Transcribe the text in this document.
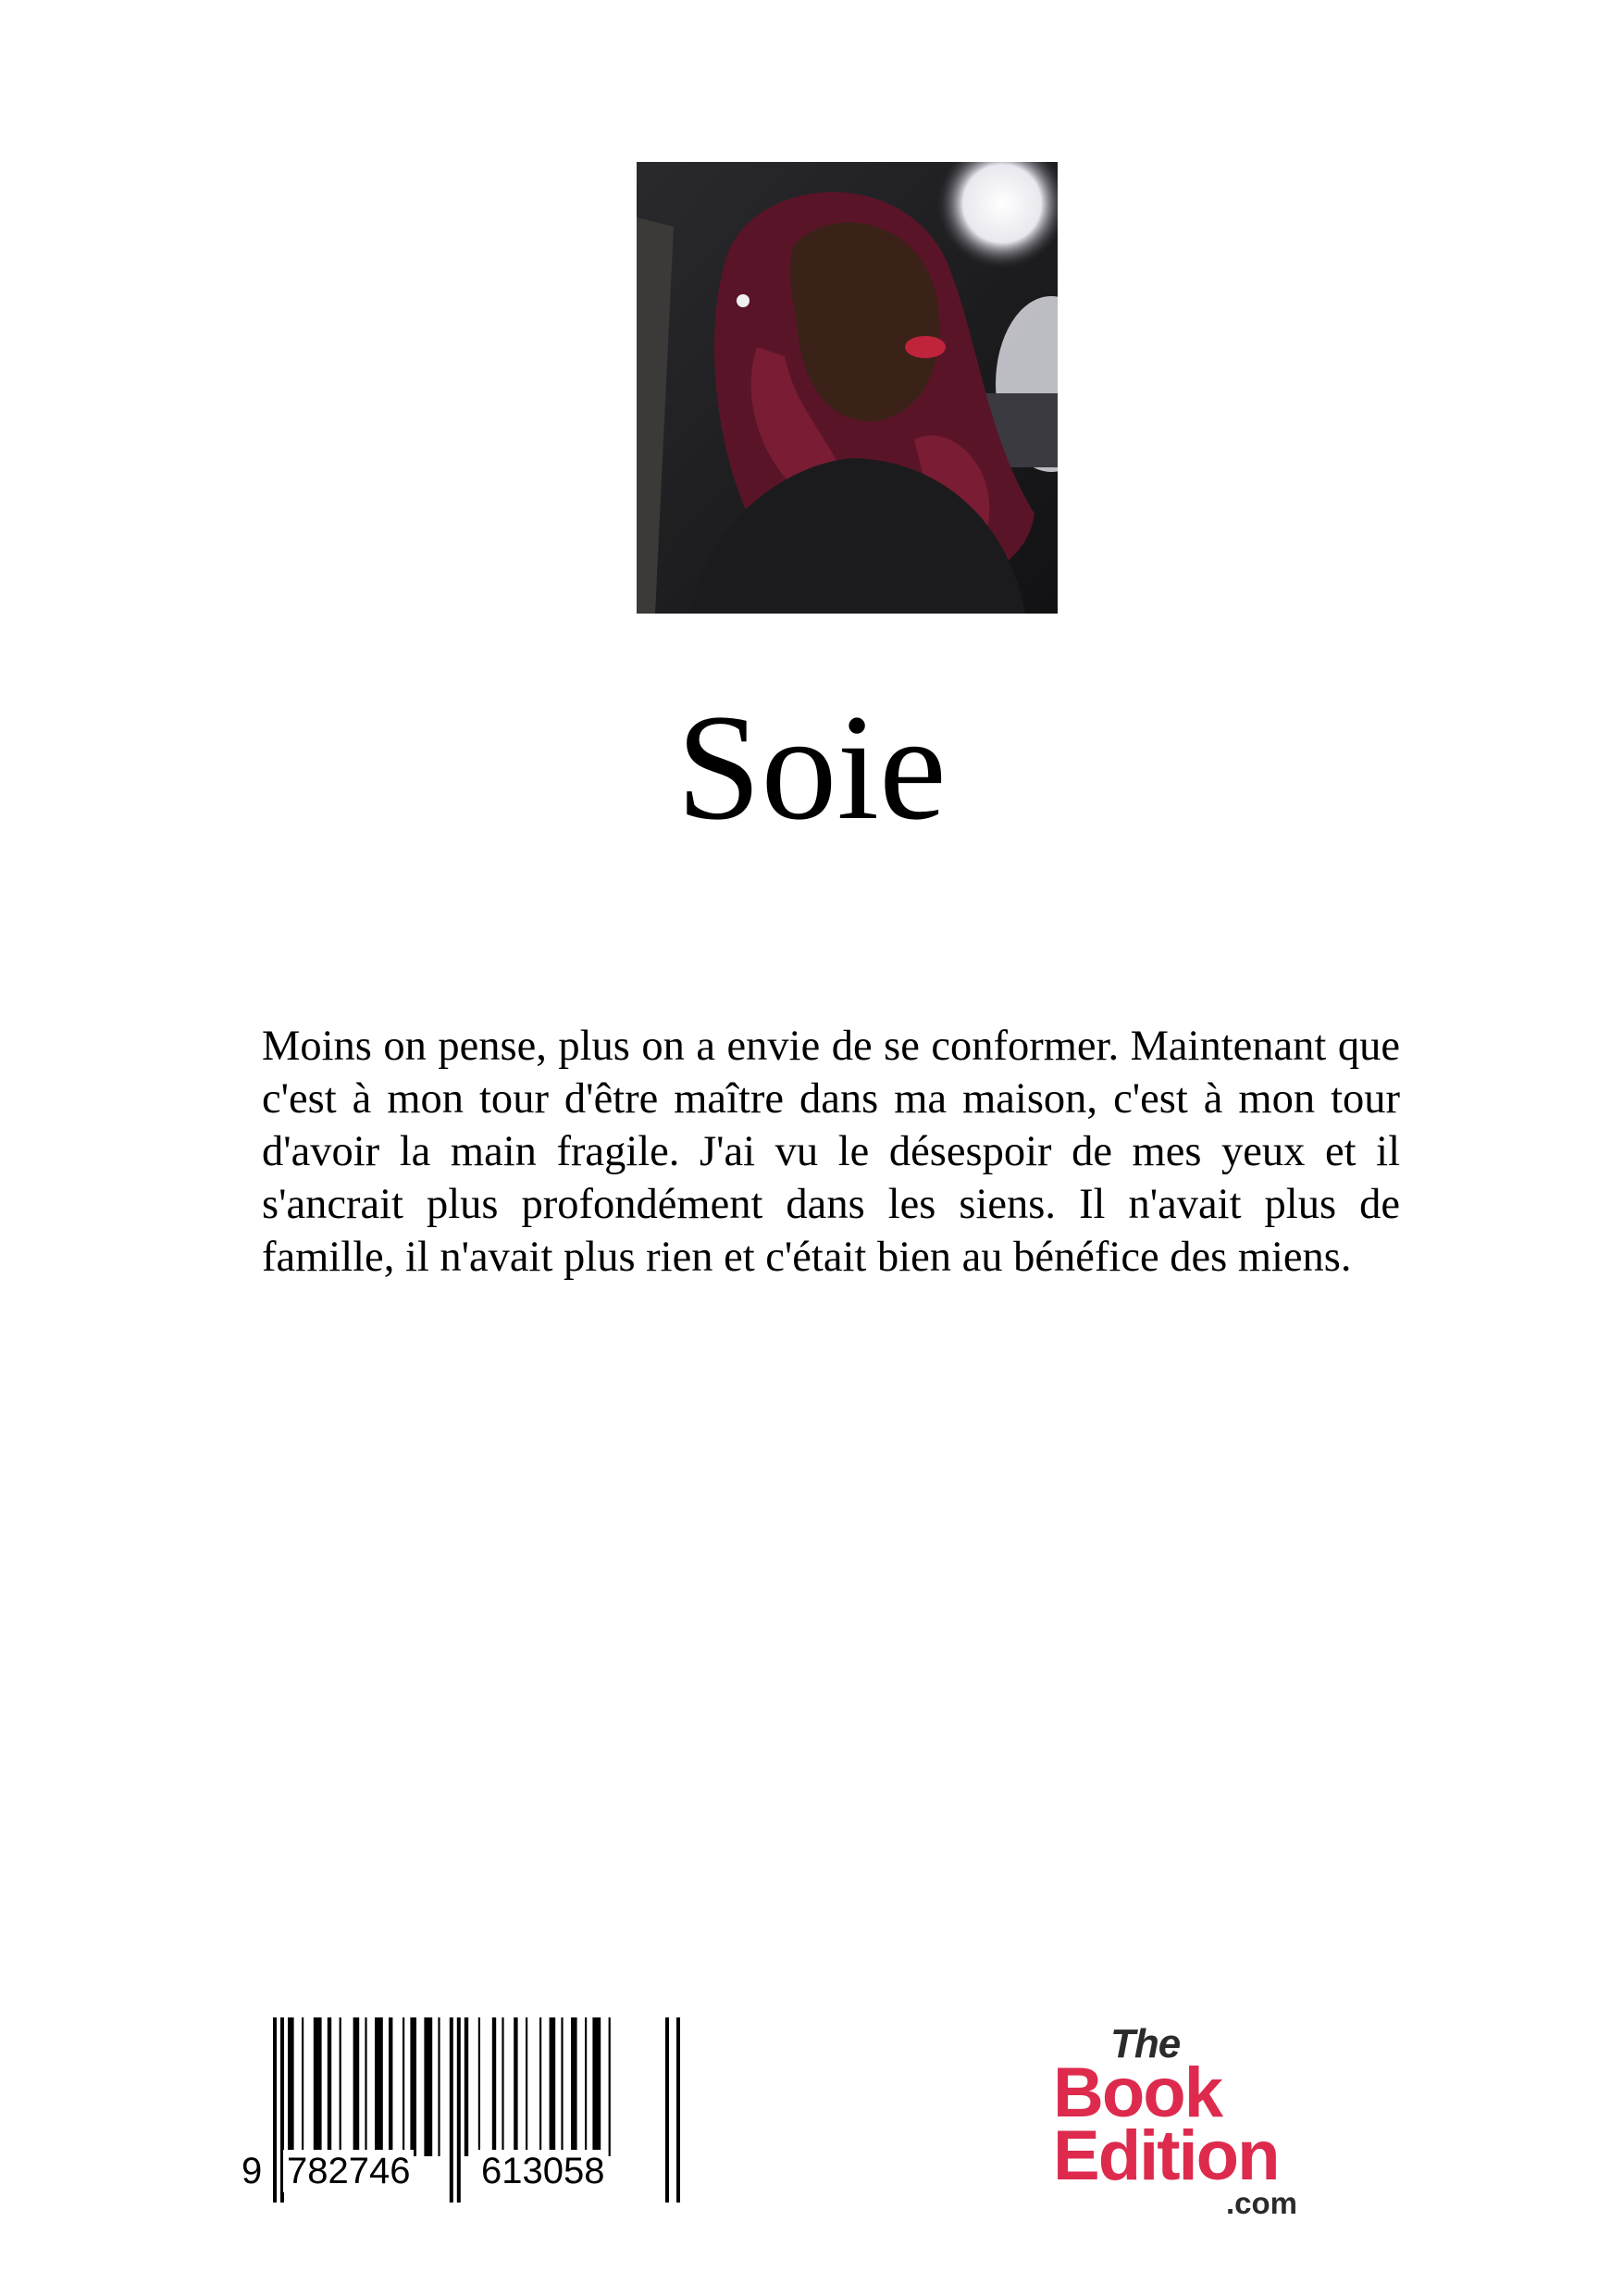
Soie

Moins on pense, plus on a envie de se conformer. Maintenant que c'est à mon tour d'être maître dans ma maison, c'est à mon tour d'avoir la main fragile. J'ai vu le désespoir de mes yeux et il s'ancrait plus profondément dans les siens. Il n'avait plus de famille, il n'avait plus rien et c'était bien au bénéfice des miens.

9 782746 613058
The
Book
Edition
.com
